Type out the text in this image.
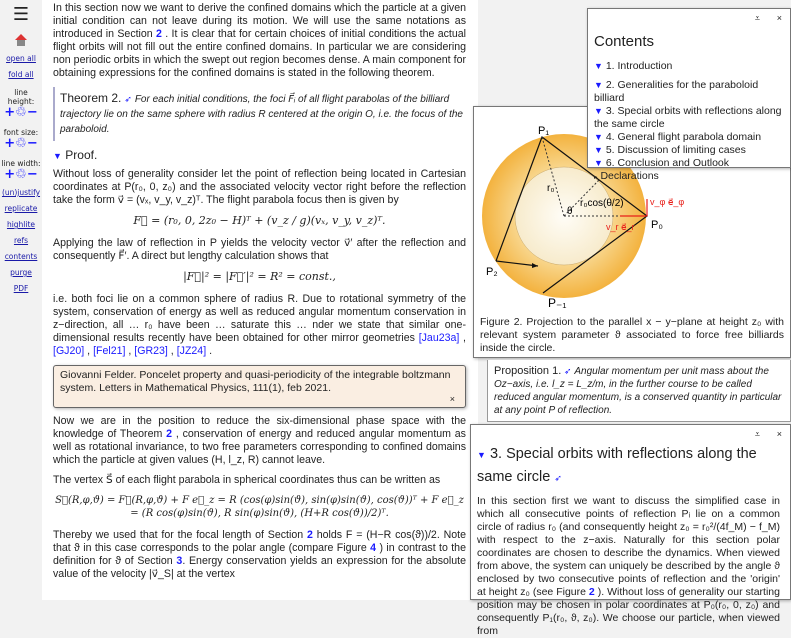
☰
open all
fold all
line height:
+♲−
font size:
+♲−
line width:
+♲−
(un)justify
replicate
highlite
refs
contents
purge
PDF

In this section now we want to derive the confined domains which the particle at a given initial condition can not leave during its motion. We will use the same notations as introduced in Section 2 . It is clear that for certain choices of initial conditions the actual flight orbits will not fill out the entire confined domains. In particular we are considering non periodic orbits in which the swept out region becomes dense. A main component for obtaining expressions for the confined domains is stated in the following theorem.

Theorem 2. ➶ For each initial conditions, the foci F⃗ᵢ of all flight parabolas of the billiard trajectory lie on the same sphere with radius R centered at the origin O, i.e. the focus of the paraboloid.
▼ Proof.

Without loss of generality consider let the point of reflection being located in Cartesian coordinates at P(r₀, 0, z₀) and the associated velocity vector right before the reflection take the form v⃗ = (vₓ, v_y, v_z)ᵀ. The flight parabola focus then is given by

F⃗ = (r₀, 0, 2z₀ − H)ᵀ + (v_z / g)(vₓ, v_y, v_z)ᵀ.

Applying the law of reflection in P yields the velocity vector v⃗′ after the reflection and consequently F⃗′. A direct but lengthy calculation shows that

|F⃗|² = |F⃗′|² = R² = const.,

i.e. both foci lie on a common sphere of radius R. Due to rotational symmetry of the system, conservation of energy as well as reduced angular momentum conservation in z−direction, all … r₀ have been … saturate this … nder we state that similar one-dimensional results recently have been obtained for other mirror geometries [Jau23a] , [GJ20] , [Fel21] , [GR23] , [JZ24] .

Giovanni Felder. Poncelet property and quasi-periodicity of the integrable boltzmann system. Letters in Mathematical Physics, 111(1), feb 2021.
×

Now we are in the position to reduce the six-dimensional phase space with the knowledge of Theorem 2 , conservation of energy and reduced angular momentum as well as rotational invariance, to two free parameters corresponding to confined domains which the particle at given values (H, l_z, R) cannot leave.

The vertex S⃗ of each flight parabola in spherical coordinates thus can be written as

S⃗(R,φ,ϑ) = F⃗(R,φ,ϑ) + F e⃗_z = R (cos(φ)sin(ϑ), sin(φ)sin(ϑ), cos(ϑ))ᵀ + F e⃗_z = (R cos(φ)sin(ϑ), R sin(φ)sin(ϑ), (H+R cos(ϑ))/2)ᵀ.

Thereby we used that for the focal length of Section 2 holds F = (H−R cos(ϑ))/2. Note that ϑ in this case corresponds to the polar angle (compare Figure 4 ) in contrast to the definition for ϑ of Section 3. Energy conservation yields an expression for the absolute value of the velocity |v⃗_S| at the vertex

P₁
P₀
P₂
P₋₁
r₀
θ
r₀cos(θ/2)	v_φ e⃗_φ
v_r e⃗_r
Figure 2. Projection to the parallel x − y−plane at height z₀ with relevant system parameter ϑ associated to force free billiards inside the circle.
⩡ ×
Contents
▼ 1. Introduction
▼ 2. Generalities for the paraboloid billiard
▼ 3. Special orbits with reflections along the same circle
▼ 4. General flight parabola domain
▼ 5. Discussion of limiting cases
▼ 6. Conclusion and Outlook
▸ Declarations
Proposition 1. ➶ Angular momentum per unit mass about the Oz−axis, i.e. l_z = L_z/m, in the further course to be called reduced angular momentum, is a conserved quantity in particular at any point P of reflection.
⩡ ×
▼ 3. Special orbits with reflections along the same circle ➶

In this section first we want to discuss the simplified case in which all consecutive points of reflection Pᵢ lie on a common circle of radius r₀ (and consequently height z₀ = r₀²/(4f_M) − f_M) with respect to the z−axis. Naturally for this section polar coordinates are chosen to describe the dynamics. When viewed from above, the system can uniquely be described by the angle ϑ enclosed by two consecutive points of reflection and the 'origin' at height z₀ (see Figure 2 ). Without loss of generality our starting position may be chosen in polar coordinates at P₀(r₀, 0, z₀) and consequently P₁(r₀, ϑ, z₀). We choose our particle, when viewed from
